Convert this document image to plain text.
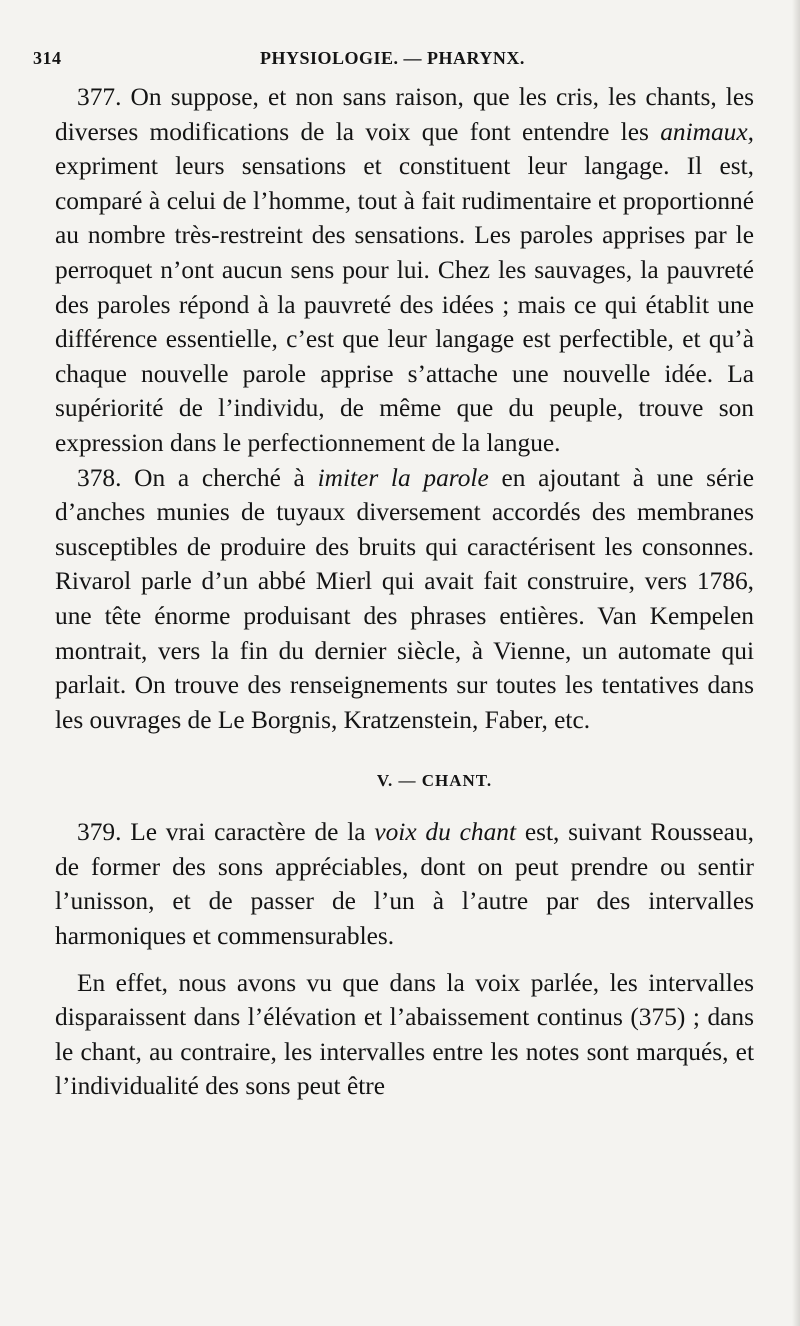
314	PHYSIOLOGIE. — PHARYNX.

377. On suppose, et non sans raison, que les cris, les chants, les diverses modifications de la voix que font entendre les animaux, expriment leurs sensations et constituent leur langage. Il est, comparé à celui de l’homme, tout à fait rudimentaire et proportionné au nombre très-restreint des sensations. Les paroles apprises par le perroquet n’ont aucun sens pour lui. Chez les sauvages, la pauvreté des paroles répond à la pauvreté des idées ; mais ce qui établit une différence essentielle, c’est que leur langage est perfectible, et qu’à chaque nouvelle parole apprise s’attache une nouvelle idée. La supériorité de l’individu, de même que du peuple, trouve son expression dans le perfectionnement de la langue.

378. On a cherché à imiter la parole en ajoutant à une série d’anches munies de tuyaux diversement accordés des membranes susceptibles de produire des bruits qui caractérisent les consonnes. Rivarol parle d’un abbé Mierl qui avait fait construire, vers 1786, une tête énorme produisant des phrases entières. Van Kempelen montrait, vers la fin du dernier siècle, à Vienne, un automate qui parlait. On trouve des renseignements sur toutes les tentatives dans les ouvrages de Le Borgnis, Kratzenstein, Faber, etc.

V. — CHANT.

379. Le vrai caractère de la voix du chant est, suivant Rousseau, de former des sons appréciables, dont on peut prendre ou sentir l’unisson, et de passer de l’un à l’autre par des intervalles harmoniques et commensurables.

En effet, nous avons vu que dans la voix parlée, les intervalles disparaissent dans l’élévation et l’abaissement continus (375) ; dans le chant, au contraire, les intervalles entre les notes sont marqués, et l’individualité des sons peut être
